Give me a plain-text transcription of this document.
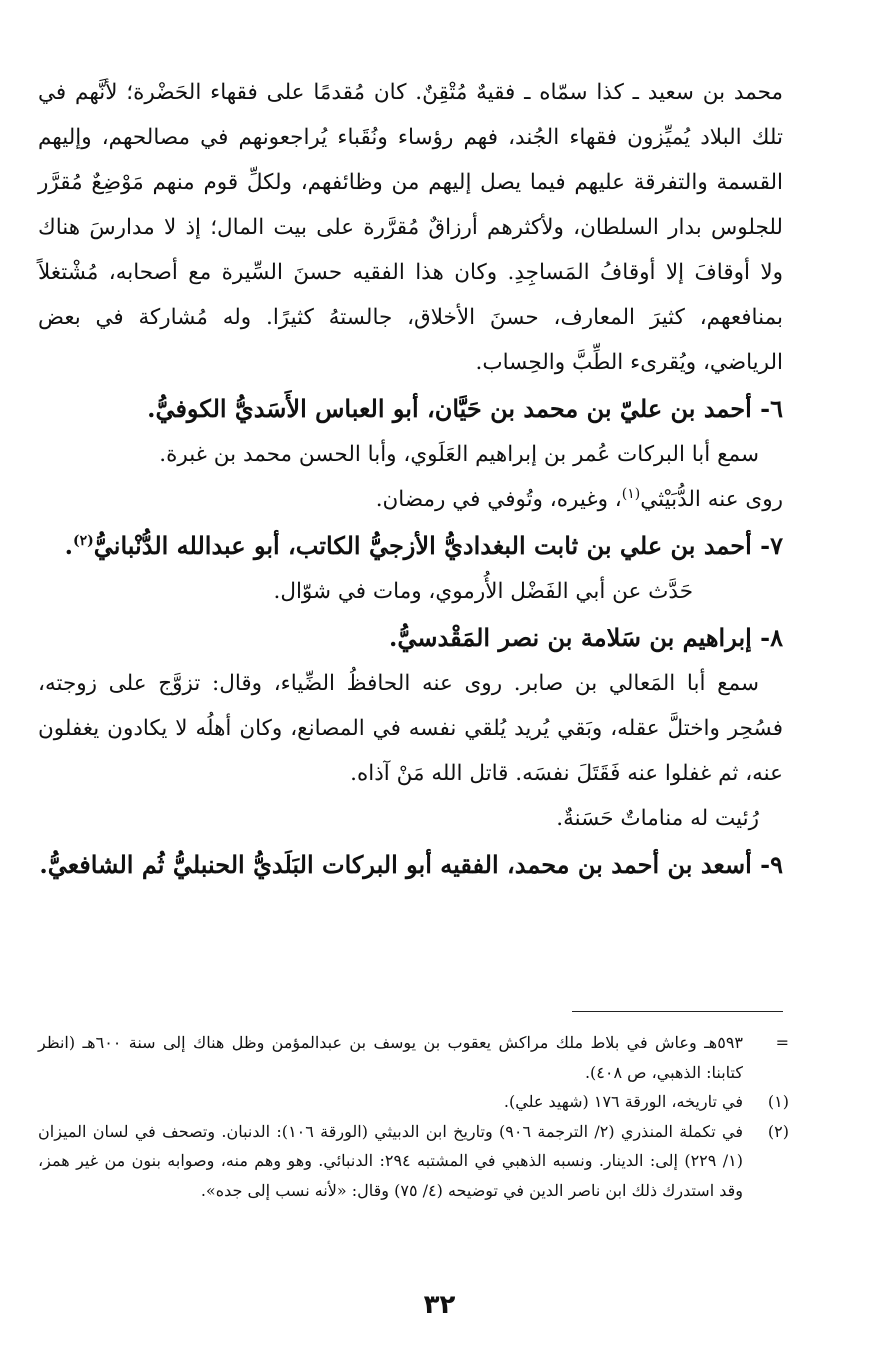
محمد بن سعيد ـ كذا سمّاه ـ فقيهٌ مُتْقِنٌ. كان مُقدمًا على فقهاء الحَضْرة؛ لأنَّهم في تلك البلاد يُميِّزون فقهاء الجُند، فهم رؤساء ونُقَباء يُراجعونهم في مصالحهم، وإليهم القسمة والتفرقة عليهم فيما يصل إليهم من وظائفهم، ولكلِّ قوم منهم مَوْضِعٌ مُقرَّر للجلوس بدار السلطان، ولأكثرهم أرزاقٌ مُقرَّرة على بيت المال؛ إذ لا مدارسَ هناك ولا أوقافَ إلا أوقافُ المَساجِدِ. وكان هذا الفقيه حسنَ السِّيرة مع أصحابه، مُشْتغلاً بمنافعهم، كثيرَ المعارف، حسنَ الأخلاق، جالستهُ كثيرًا. وله مُشاركة في بعض الرياضي، ويُقرىء الطِّبَّ والحِساب.

٦- أحمد بن عليّ بن محمد بن حَيَّان، أبو العباس الأَسَديُّ الكوفيُّ.

سمع أبا البركات عُمر بن إبراهيم العَلَوي، وأبا الحسن محمد بن غبرة.

روى عنه الدُّبَيْثي$^{(١)}$، وغيره، وتُوفي في رمضان.

٧- أحمد بن علي بن ثابت البغداديُّ الأزجيُّ الكاتب، أبو عبدالله الدُّنْبانيُّ$^{(٢)}$.

حَدَّث عن أبي الفَضْل الأُرموي، ومات في شوّال.

٨- إبراهيم بن سَلامة بن نصر المَقْدسيُّ.

سمع أبا المَعالي بن صابر. روى عنه الحافظُ الضِّياء، وقال: تزوَّج على زوجته، فسُحِر واختلَّ عقله، وبَقي يُريد يُلقي نفسه في المصانع، وكان أهلُه لا يكادون يغفلون عنه، ثم غفلوا عنه فَقَتَلَ نفسَه. قاتل الله مَنْ آذاه.

رُئيت له مناماتٌ حَسَنةٌ.

٩- أسعد بن أحمد بن محمد، الفقيه أبو البركات البَلَديُّ الحنبليُّ ثُم الشافعيُّ.

=
٥٩٣هـ وعاش في بلاط ملك مراكش يعقوب بن يوسف بن عبدالمؤمن وظل هناك إلى سنة ٦٠٠هـ (انظر كتابنا: الذهبي، ص ٤٠٨).
(١)
في تاريخه، الورقة ١٧٦ (شهيد علي).
(٢)
في تكملة المنذري (٢/ الترجمة ٩٠٦) وتاريخ ابن الدبيثي (الورقة ١٠٦): الدنبان. وتصحف في لسان الميزان (١/ ٢٢٩) إلى: الدينار. ونسبه الذهبي في المشتبه ٢٩٤: الدنبائي. وهو وهم منه، وصوابه بنون من غير همز، وقد استدرك ذلك ابن ناصر الدين في توضيحه (٤/ ٧٥) وقال: «لأنه نسب إلى جده».
٣٢
